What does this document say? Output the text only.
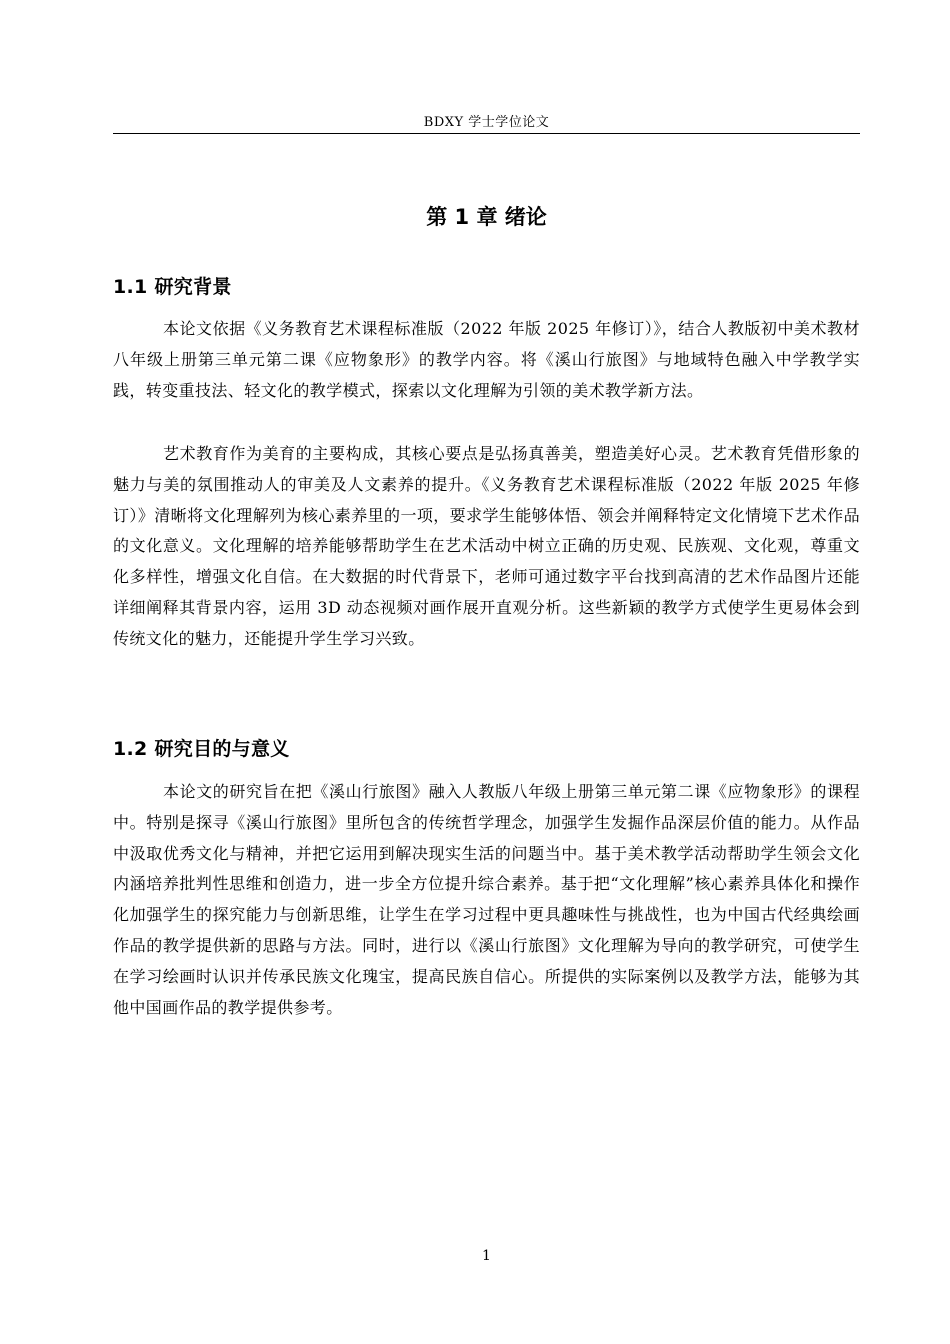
BDXY 学士学位论文
第 1 章 绪论
1.1 研究背景

本论文依据《义务教育艺术课程标准版（2022 年版 2025 年修订）》，结合人教版初中美术教材八年级上册第三单元第二课《应物象形》的教学内容。将《溪山行旅图》与地域特色融入中学教学实践，转变重技法、轻文化的教学模式，探索以文化理解为引领的美术教学新方法。

艺术教育作为美育的主要构成，其核心要点是弘扬真善美，塑造美好心灵。艺术教育凭借形象的魅力与美的氛围推动人的审美及人文素养的提升。《义务教育艺术课程标准版（2022 年版 2025 年修订）》清晰将文化理解列为核心素养里的一项，要求学生能够体悟、领会并阐释特定文化情境下艺术作品的文化意义。文化理解的培养能够帮助学生在艺术活动中树立正确的历史观、民族观、文化观，尊重文化多样性，增强文化自信。在大数据的时代背景下，老师可通过数字平台找到高清的艺术作品图片还能详细阐释其背景内容，运用 3D 动态视频对画作展开直观分析。这些新颖的教学方式使学生更易体会到传统文化的魅力，还能提升学生学习兴致。

1.2 研究目的与意义

本论文的研究旨在把《溪山行旅图》融入人教版八年级上册第三单元第二课《应物象形》的课程中。特别是探寻《溪山行旅图》里所包含的传统哲学理念，加强学生发掘作品深层价值的能力。从作品中汲取优秀文化与精神，并把它运用到解决现实生活的问题当中。基于美术教学活动帮助学生领会文化内涵培养批判性思维和创造力，进一步全方位提升综合素养。基于把“文化理解”核心素养具体化和操作化加强学生的探究能力与创新思维，让学生在学习过程中更具趣味性与挑战性，也为中国古代经典绘画作品的教学提供新的思路与方法。同时，进行以《溪山行旅图》文化理解为导向的教学研究，可使学生在学习绘画时认识并传承民族文化瑰宝，提高民族自信心。所提供的实际案例以及教学方法，能够为其他中国画作品的教学提供参考。

1
